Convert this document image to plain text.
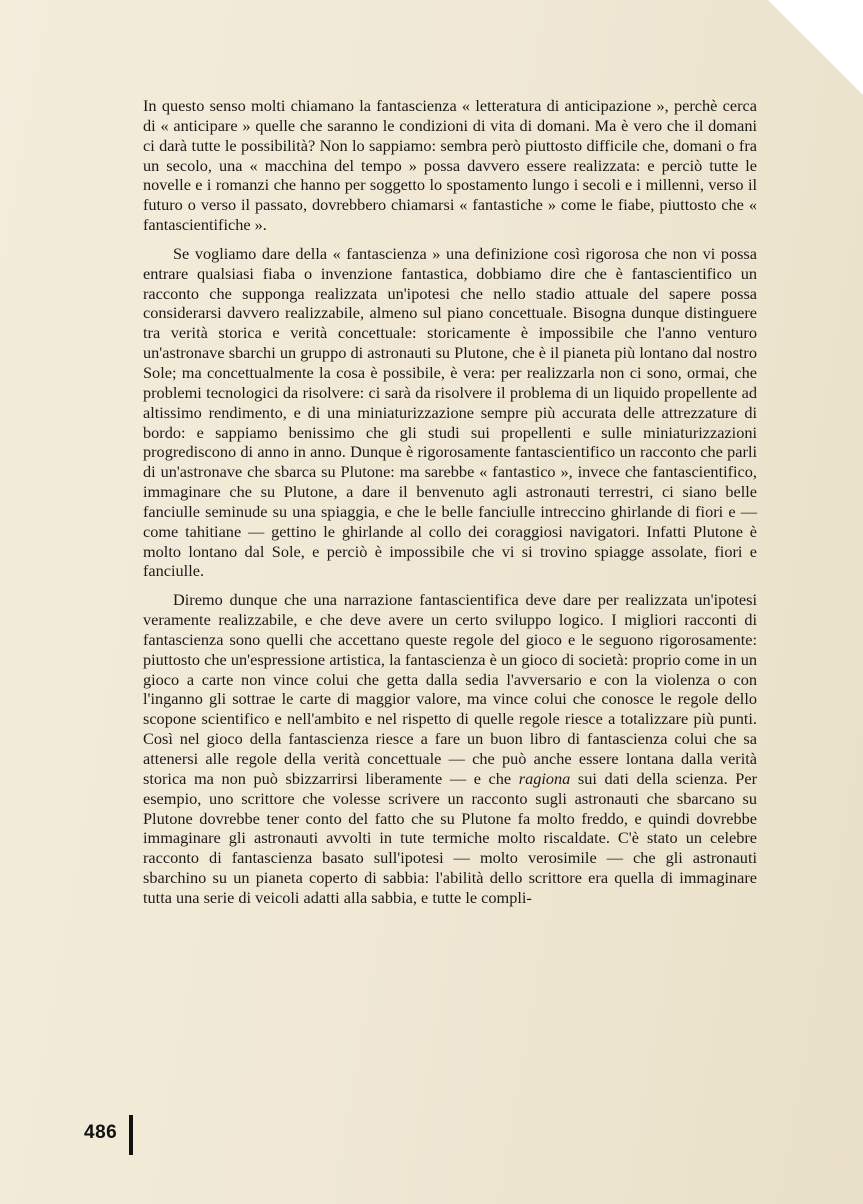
In questo senso molti chiamano la fantascienza « letteratura di anticipazione », perchè cerca di « anticipare » quelle che saranno le condizioni di vita di domani. Ma è vero che il domani ci darà tutte le possibilità? Non lo sappiamo: sembra però piuttosto difficile che, domani o fra un secolo, una « macchina del tempo » possa davvero essere realizzata: e perciò tutte le novelle e i romanzi che hanno per soggetto lo spostamento lungo i secoli e i millenni, verso il futuro o verso il passato, dovrebbero chiamarsi « fantastiche » come le fiabe, piuttosto che « fantascientifiche ».

Se vogliamo dare della « fantascienza » una definizione così rigorosa che non vi possa entrare qualsiasi fiaba o invenzione fantastica, dobbiamo dire che è fantascientifico un racconto che supponga realizzata un'ipotesi che nello stadio attuale del sapere possa considerarsi davvero realizzabile, almeno sul piano concettuale. Bisogna dunque distinguere tra verità storica e verità concettuale: storicamente è impossibile che l'anno venturo un'astronave sbarchi un gruppo di astronauti su Plutone, che è il pianeta più lontano dal nostro Sole; ma concettualmente la cosa è possibile, è vera: per realizzarla non ci sono, ormai, che problemi tecnologici da risolvere: ci sarà da risolvere il problema di un liquido propellente ad altissimo rendimento, e di una miniaturizzazione sempre più accurata delle attrezzature di bordo: e sappiamo benissimo che gli studi sui propellenti e sulle miniaturizzazioni progrediscono di anno in anno. Dunque è rigorosamente fantascientifico un racconto che parli di un'astronave che sbarca su Plutone: ma sarebbe « fantastico », invece che fantascientifico, immaginare che su Plutone, a dare il benvenuto agli astronauti terrestri, ci siano belle fanciulle seminude su una spiaggia, e che le belle fanciulle intreccino ghirlande di fiori e — come tahitiane — gettino le ghirlande al collo dei coraggiosi navigatori. Infatti Plutone è molto lontano dal Sole, e perciò è impossibile che vi si trovino spiagge assolate, fiori e fanciulle.

Diremo dunque che una narrazione fantascientifica deve dare per realizzata un'ipotesi veramente realizzabile, e che deve avere un certo sviluppo logico. I migliori racconti di fantascienza sono quelli che accettano queste regole del gioco e le seguono rigorosamente: piuttosto che un'espressione artistica, la fantascienza è un gioco di società: proprio come in un gioco a carte non vince colui che getta dalla sedia l'avversario e con la violenza o con l'inganno gli sottrae le carte di maggior valore, ma vince colui che conosce le regole dello scopone scientifico e nell'ambito e nel rispetto di quelle regole riesce a totalizzare più punti. Così nel gioco della fantascienza riesce a fare un buon libro di fantascienza colui che sa attenersi alle regole della verità concettuale — che può anche essere lontana dalla verità storica ma non può sbizzarrirsi liberamente — e che ragiona sui dati della scienza. Per esempio, uno scrittore che volesse scrivere un racconto sugli astronauti che sbarcano su Plutone dovrebbe tener conto del fatto che su Plutone fa molto freddo, e quindi dovrebbe immaginare gli astronauti avvolti in tute termiche molto riscaldate. C'è stato un celebre racconto di fantascienza basato sull'ipotesi — molto verosimile — che gli astronauti sbarchino su un pianeta coperto di sabbia: l'abilità dello scrittore era quella di immaginare tutta una serie di veicoli adatti alla sabbia, e tutte le compli-

486
